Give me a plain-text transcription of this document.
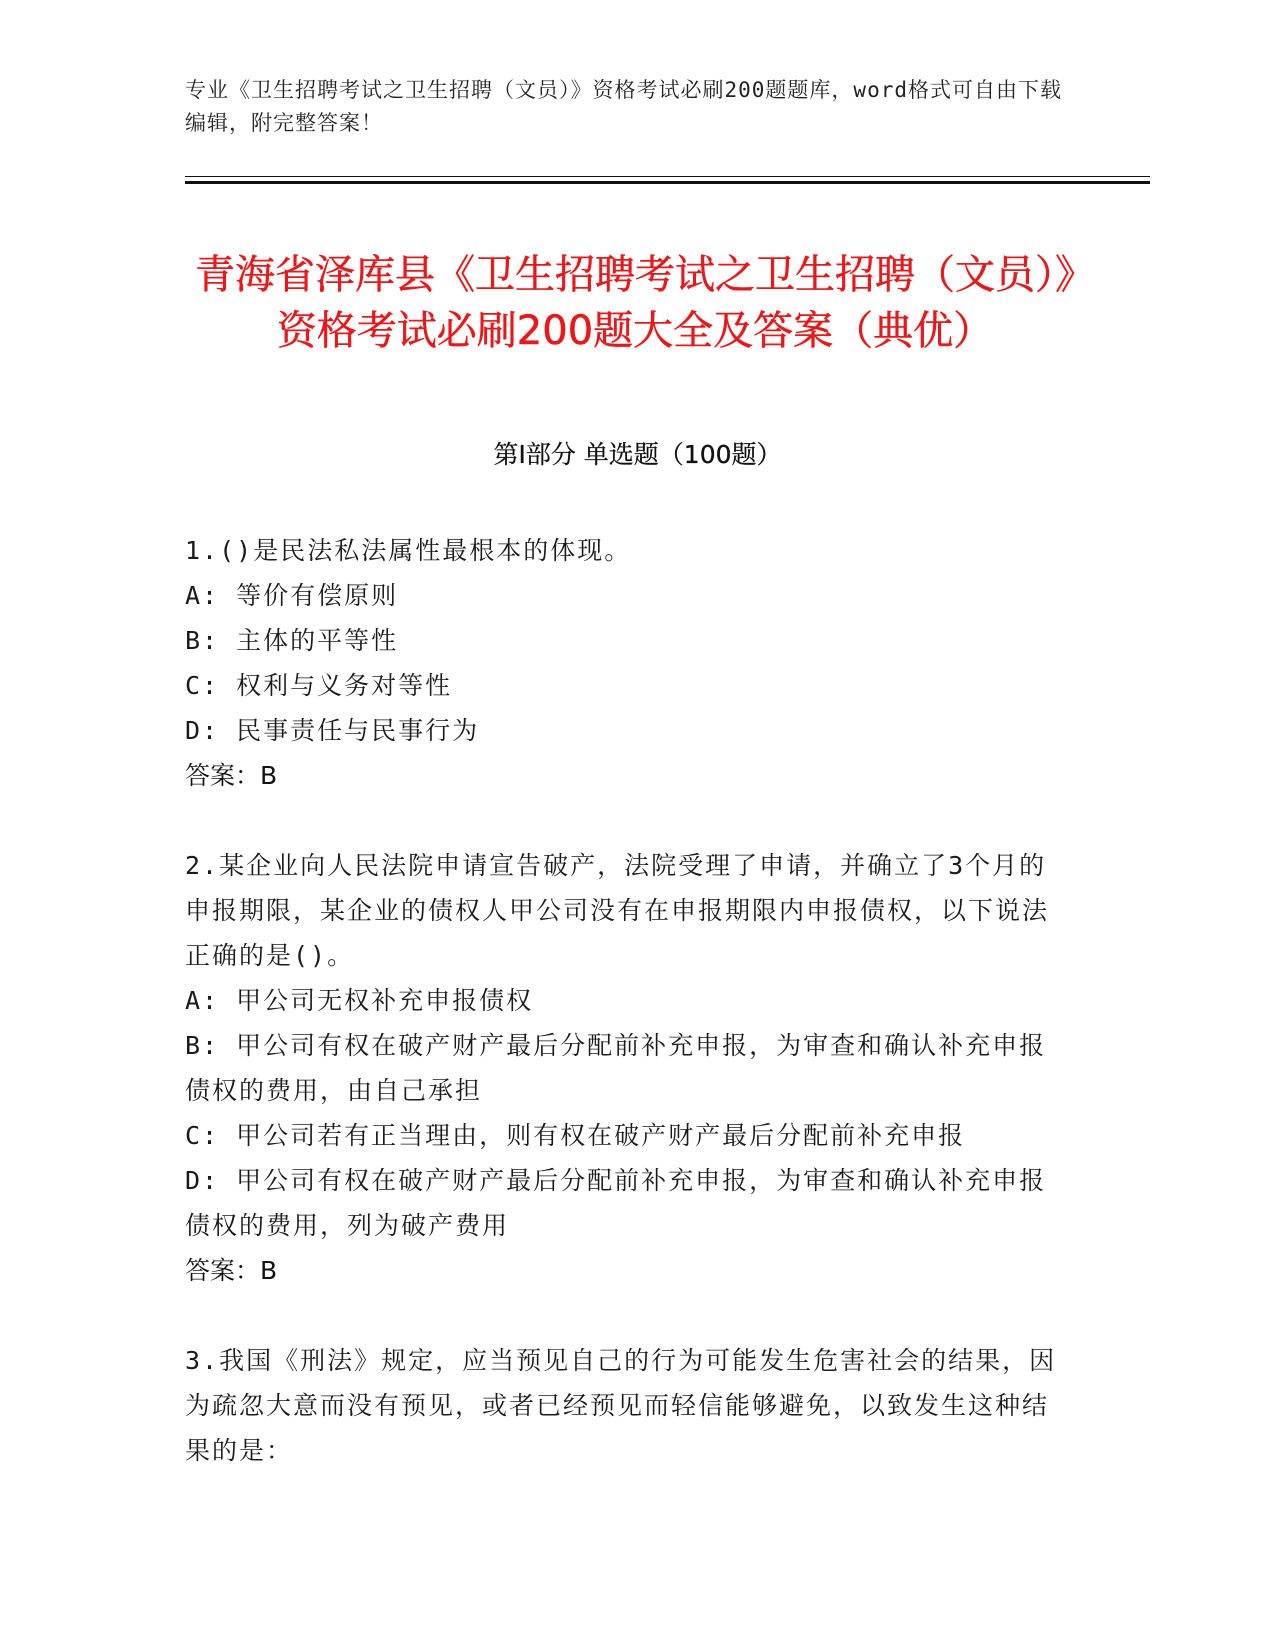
专业《卫生招聘考试之卫生招聘（文员）》资格考试必刷200题题库，word格式可自由下载编辑，附完整答案！
青海省泽库县《卫生招聘考试之卫生招聘（文员）》资格考试必刷200题大全及答案（典优）
第I部分 单选题（100题）
1.()是民法私法属性最根本的体现。
A: 等价有偿原则
B: 主体的平等性
C: 权利与义务对等性
D: 民事责任与民事行为
答案：B
2.某企业向人民法院申请宣告破产，法院受理了申请，并确立了3个月的申报期限，某企业的债权人甲公司没有在申报期限内申报债权，以下说法正确的是()。
A: 甲公司无权补充申报债权
B: 甲公司有权在破产财产最后分配前补充申报，为审查和确认补充申报债权的费用，由自己承担
C: 甲公司若有正当理由，则有权在破产财产最后分配前补充申报
D: 甲公司有权在破产财产最后分配前补充申报，为审查和确认补充申报债权的费用，列为破产费用
答案：B
3.我国《刑法》规定，应当预见自己的行为可能发生危害社会的结果，因为疏忽大意而没有预见，或者已经预见而轻信能够避免，以致发生这种结果的是：
